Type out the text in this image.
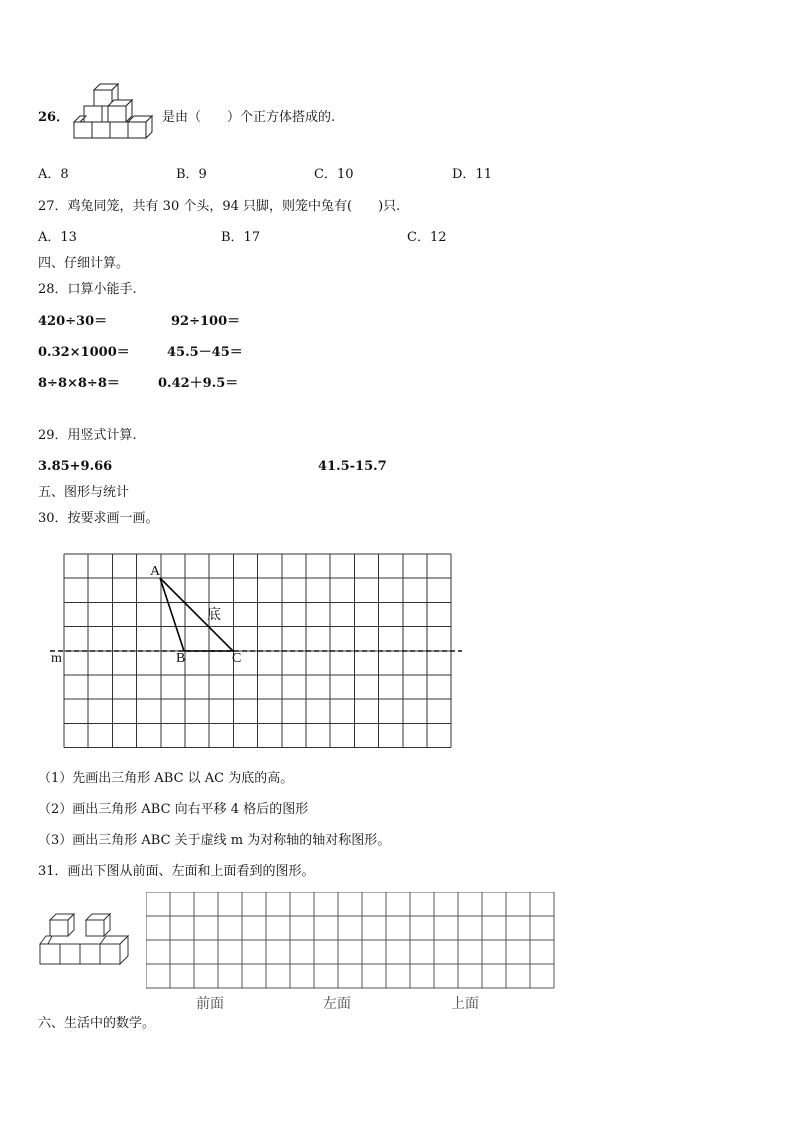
26．	是由（　　）个正方体搭成的.
A．8	B．9	C．10	D．11
27．鸡兔同笼，共有 30 个头，94 只脚，则笼中兔有(　　)只.
A．13	B．17	C．12
四、仔细计算。
28．口算小能手.
420÷30＝	92÷100＝
0.32×1000＝	45.5－45＝
8÷8×8÷8＝	0.42＋9.5＝
29．用竖式计算.
3.85+9.66	41.5-15.7
五、图形与统计
30．按要求画一画。
A
B	C
底
m
（1）先画出三角形 ABC 以 AC 为底的高。
（2）画出三角形 ABC 向右平移 4 格后的图形
（3）画出三角形 ABC 关于虚线 m 为对称轴的轴对称图形。
31．画出下图从前面、左面和上面看到的图形。
前面	左面	上面
六、生活中的数学。
